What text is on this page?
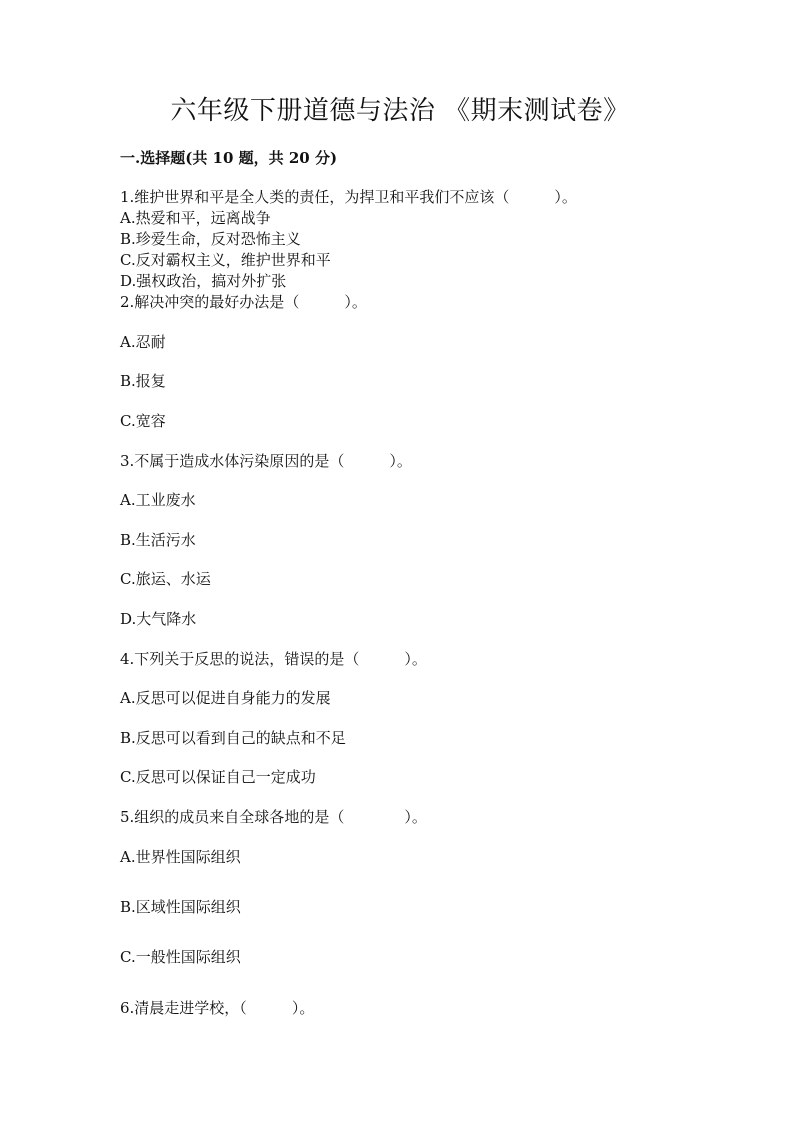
六年级下册道德与法治 《期末测试卷》
一.选择题(共 10 题，共 20 分)
1.维护世界和平是全人类的责任，为捍卫和平我们不应该（　　　）。
A.热爱和平，远离战争
B.珍爱生命，反对恐怖主义
C.反对霸权主义，维护世界和平
D.强权政治，搞对外扩张
2.解决冲突的最好办法是（　　　）。
A.忍耐
B.报复
C.宽容
3.不属于造成水体污染原因的是（　　　）。
A.工业废水
B.生活污水
C.旅运、水运
D.大气降水
4.下列关于反思的说法，错误的是（　　　）。
A.反思可以促进自身能力的发展
B.反思可以看到自己的缺点和不足
C.反思可以保证自己一定成功
5.组织的成员来自全球各地的是（　　　　）。
A.世界性国际组织
B.区域性国际组织
C.一般性国际组织
6.清晨走进学校，（　　　）。
